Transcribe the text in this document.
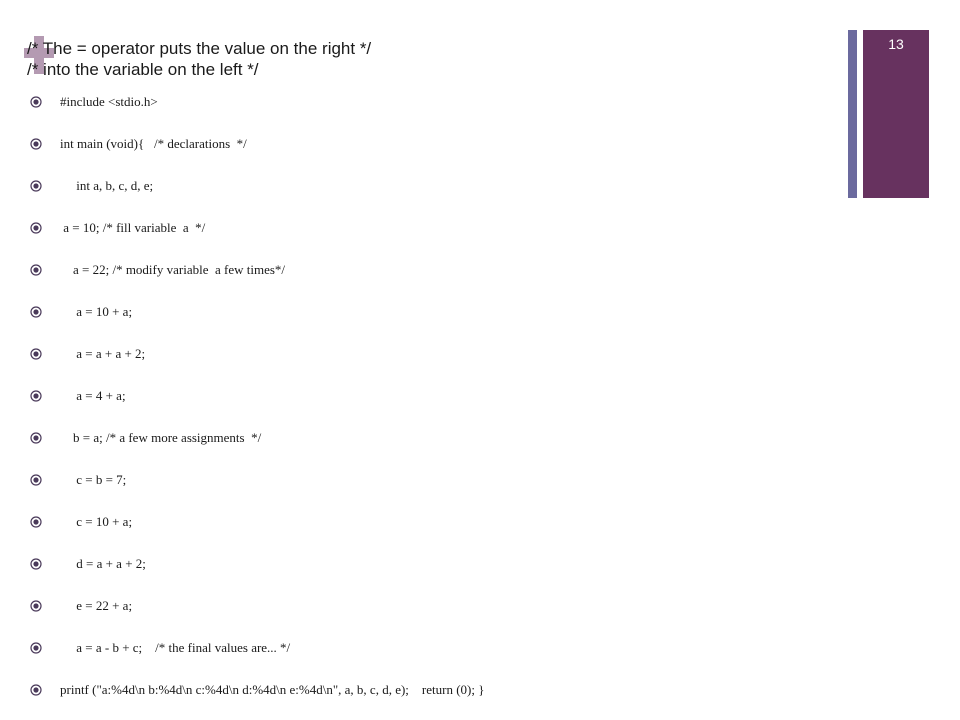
/* The = operator puts the value on the right */
/* into the variable on the left */
13
#include <stdio.h>
int main (void){   /* declarations  */
int a, b, c, d, e;
a = 10; /* fill variable  a  */
a = 22; /* modify variable  a few times*/
a = 10 + a;
a = a + a + 2;
a = 4 + a;
b = a; /* a few more assignments  */
c = b = 7;
c = 10 + a;
d = a + a + 2;
e = 22 + a;
a = a - b + c;    /* the final values are... */
printf ("a:%4d\n b:%4d\n c:%4d\n d:%4d\n e:%4d\n", a, b, c, d, e);    return (0); }
